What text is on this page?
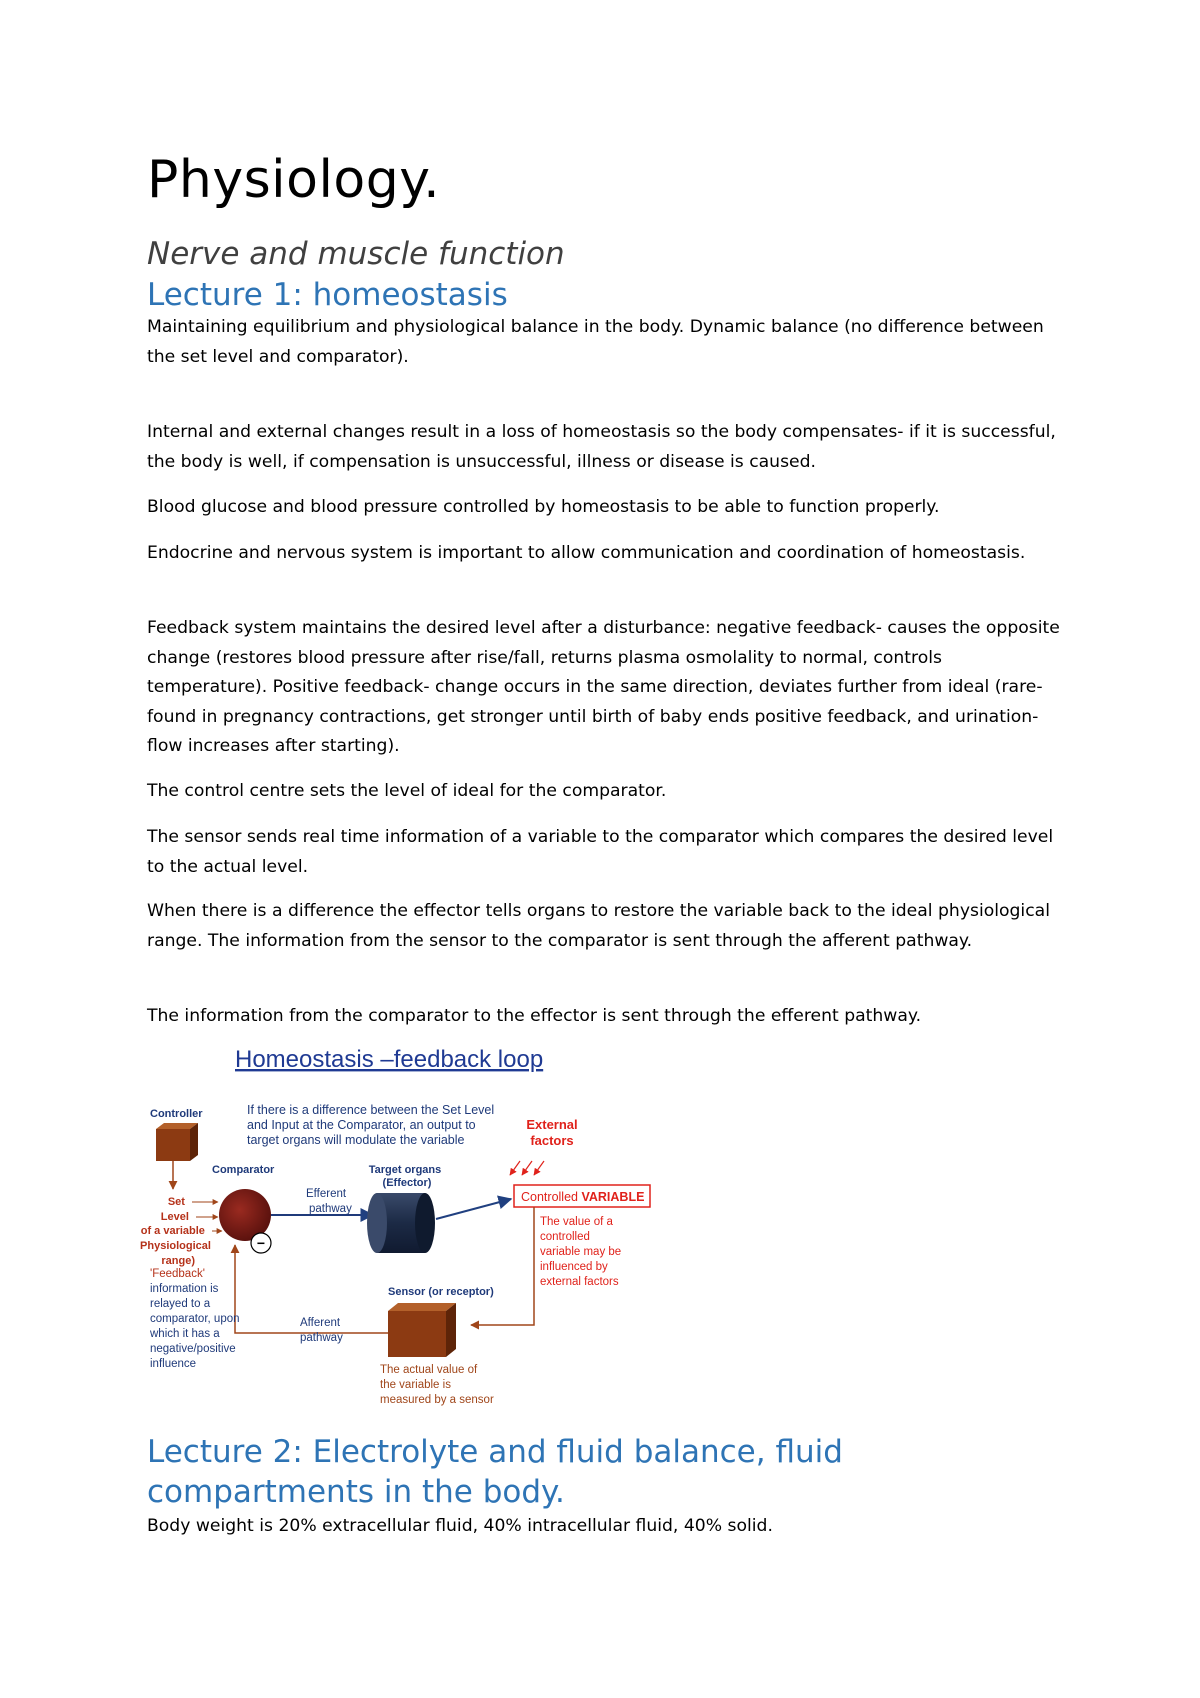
Physiology.
Nerve and muscle function
Lecture 1: homeostasis

Maintaining equilibrium and physiological balance in the body. Dynamic balance (no difference between the set level and comparator).

Internal and external changes result in a loss of homeostasis so the body compensates- if it is successful, the body is well, if compensation is unsuccessful, illness or disease is caused.

Blood glucose and blood pressure controlled by homeostasis to be able to function properly.

Endocrine and nervous system is important to allow communication and coordination of homeostasis.

Feedback system maintains the desired level after a disturbance: negative feedback- causes the opposite change (restores blood pressure after rise/fall, returns plasma osmolality to normal, controls temperature). Positive feedback- change occurs in the same direction, deviates further from ideal (rare- found in pregnancy contractions, get stronger until birth of baby ends positive feedback, and urination- flow increases after starting).

The control centre sets the level of ideal for the comparator.

The sensor sends real time information of a variable to the comparator which compares the desired level to the actual level.

When there is a difference the effector tells organs to restore the variable back to the ideal physiological range. The information from the sensor to the comparator is sent through the afferent pathway.

The information from the comparator to the effector is sent through the efferent pathway.

Homeostasis –feedback loop
Controller	If there is a difference between the Set Level and Input at the Comparator, an output to target organs will modulate the variable
External
factors
Comparator
−
Set Level of a variable (Physiological range)
Efferent pathway
Target organs
(Effector)
Controlled VARIABLE
The value of a controlled variable may be influenced by external factors
Sensor (or receptor)
The actual value of the variable is measured by a sensor
Afferent pathway
'Feedback' information is relayed to a comparator, upon which it has a negative/positive influence
Lecture 2: Electrolyte and fluid balance, fluid
compartments in the body.

Body weight is 20% extracellular fluid, 40% intracellular fluid, 40% solid.
